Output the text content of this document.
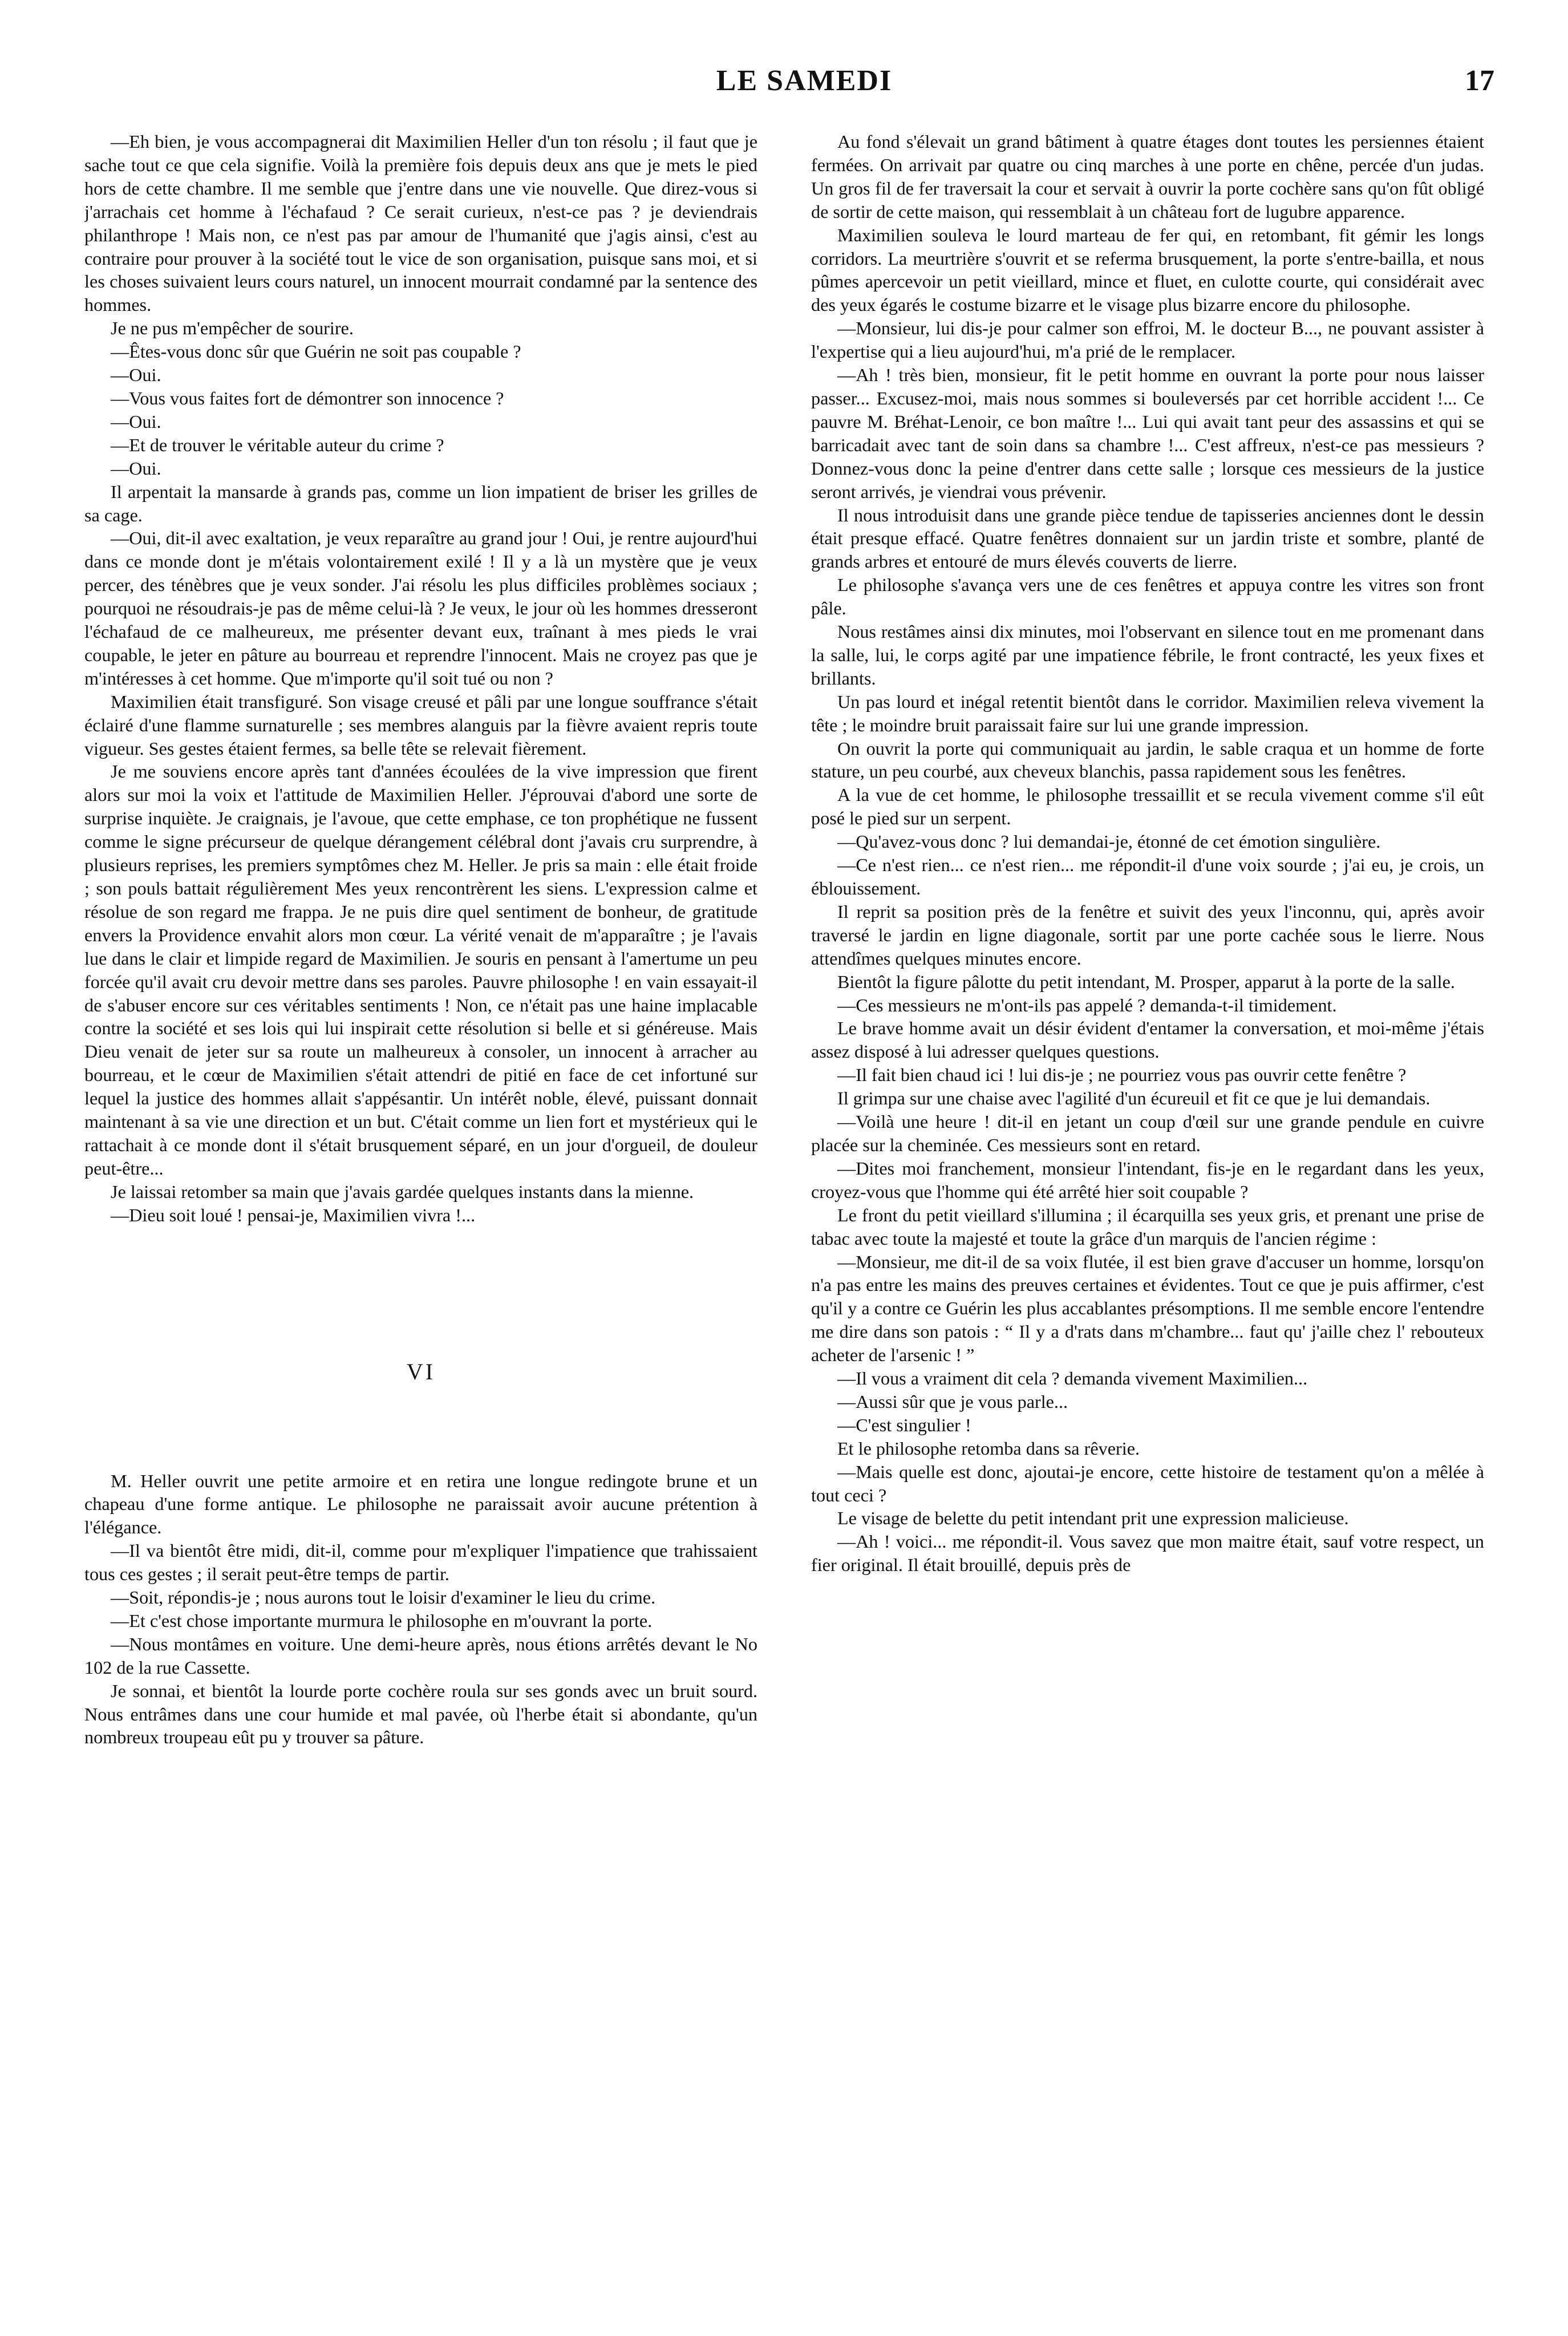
LE SAMEDI	17

—Eh bien, je vous accompagnerai dit Maximilien Heller d'un ton résolu ; il faut que je sache tout ce que cela signifie. Voilà la première fois depuis deux ans que je mets le pied hors de cette chambre. Il me semble que j'entre dans une vie nouvelle. Que direz-vous si j'arrachais cet homme à l'échafaud ? Ce serait curieux, n'est-ce pas ? je deviendrais philanthrope ! Mais non, ce n'est pas par amour de l'humanité que j'agis ainsi, c'est au contraire pour prouver à la société tout le vice de son organisation, puisque sans moi, et si les choses suivaient leurs cours naturel, un innocent mourrait condamné par la sentence des hommes.

Je ne pus m'empêcher de sourire.

—Êtes-vous donc sûr que Guérin ne soit pas coupable ?

—Oui.

—Vous vous faites fort de démontrer son innocence ?

—Oui.

—Et de trouver le véritable auteur du crime ?

—Oui.

Il arpentait la mansarde à grands pas, comme un lion impatient de briser les grilles de sa cage.

—Oui, dit-il avec exaltation, je veux reparaître au grand jour ! Oui, je rentre aujourd'hui dans ce monde dont je m'étais volontairement exilé ! Il y a là un mystère que je veux percer, des ténèbres que je veux sonder. J'ai résolu les plus difficiles problèmes sociaux ; pourquoi ne résoudrais-je pas de même celui-là ? Je veux, le jour où les hommes dresseront l'échafaud de ce malheureux, me présenter devant eux, traînant à mes pieds le vrai coupable, le jeter en pâture au bourreau et reprendre l'innocent. Mais ne croyez pas que je m'intéresses à cet homme. Que m'importe qu'il soit tué ou non ?

Maximilien était transfiguré. Son visage creusé et pâli par une longue souffrance s'était éclairé d'une flamme surnaturelle ; ses membres alanguis par la fièvre avaient repris toute vigueur. Ses gestes étaient fermes, sa belle tête se relevait fièrement.

Je me souviens encore après tant d'années écoulées de la vive impression que firent alors sur moi la voix et l'attitude de Maximilien Heller. J'éprouvai d'abord une sorte de surprise inquiète. Je craignais, je l'avoue, que cette emphase, ce ton prophétique ne fussent comme le signe précurseur de quelque dérangement célébral dont j'avais cru surprendre, à plusieurs reprises, les premiers symptômes chez M. Heller. Je pris sa main : elle était froide ; son pouls battait régulièrement Mes yeux rencontrèrent les siens. L'expression calme et résolue de son regard me frappa. Je ne puis dire quel sentiment de bonheur, de gratitude envers la Providence envahit alors mon cœur. La vérité venait de m'apparaître ; je l'avais lue dans le clair et limpide regard de Maximilien. Je souris en pensant à l'amertume un peu forcée qu'il avait cru devoir mettre dans ses paroles. Pauvre philosophe ! en vain essayait-il de s'abuser encore sur ces véritables sentiments ! Non, ce n'était pas une haine implacable contre la société et ses lois qui lui inspirait cette résolution si belle et si généreuse. Mais Dieu venait de jeter sur sa route un malheureux à consoler, un innocent à arracher au bourreau, et le cœur de Maximilien s'était attendri de pitié en face de cet infortuné sur lequel la justice des hommes allait s'appésantir. Un intérêt noble, élevé, puissant donnait maintenant à sa vie une direction et un but. C'était comme un lien fort et mystérieux qui le rattachait à ce monde dont il s'était brusquement séparé, en un jour d'orgueil, de douleur peut-être...

Je laissai retomber sa main que j'avais gardée quelques instants dans la mienne.

—Dieu soit loué ! pensai-je, Maximilien vivra !...

VI

M. Heller ouvrit une petite armoire et en retira une longue redingote brune et un chapeau d'une forme antique. Le philosophe ne paraissait avoir aucune prétention à l'élégance.

—Il va bientôt être midi, dit-il, comme pour m'expliquer l'impatience que trahissaient tous ces gestes ; il serait peut-être temps de partir.

—Soit, répondis-je ; nous aurons tout le loisir d'examiner le lieu du crime.

—Et c'est chose importante murmura le philosophe en m'ouvrant la porte.

—Nous montâmes en voiture. Une demi-heure après, nous étions arrêtés devant le No 102 de la rue Cassette.

Je sonnai, et bientôt la lourde porte cochère roula sur ses gonds avec un bruit sourd. Nous entrâmes dans une cour humide et mal pavée, où l'herbe était si abondante, qu'un nombreux troupeau eût pu y trouver sa pâture.

Au fond s'élevait un grand bâtiment à quatre étages dont toutes les persiennes étaient fermées. On arrivait par quatre ou cinq marches à une porte en chêne, percée d'un judas. Un gros fil de fer traversait la cour et servait à ouvrir la porte cochère sans qu'on fût obligé de sortir de cette maison, qui ressemblait à un château fort de lugubre apparence.

Maximilien souleva le lourd marteau de fer qui, en retombant, fit gémir les longs corridors. La meurtrière s'ouvrit et se referma brusquement, la porte s'entre-bailla, et nous pûmes apercevoir un petit vieillard, mince et fluet, en culotte courte, qui considérait avec des yeux égarés le costume bizarre et le visage plus bizarre encore du philosophe.

—Monsieur, lui dis-je pour calmer son effroi, M. le docteur B..., ne pouvant assister à l'expertise qui a lieu aujourd'hui, m'a prié de le remplacer.

—Ah ! très bien, monsieur, fit le petit homme en ouvrant la porte pour nous laisser passer... Excusez-moi, mais nous sommes si bouleversés par cet horrible accident !... Ce pauvre M. Bréhat-Lenoir, ce bon maître !... Lui qui avait tant peur des assassins et qui se barricadait avec tant de soin dans sa chambre !... C'est affreux, n'est-ce pas messieurs ? Donnez-vous donc la peine d'entrer dans cette salle ; lorsque ces messieurs de la justice seront arrivés, je viendrai vous prévenir.

Il nous introduisit dans une grande pièce tendue de tapisseries anciennes dont le dessin était presque effacé. Quatre fenêtres donnaient sur un jardin triste et sombre, planté de grands arbres et entouré de murs élevés couverts de lierre.

Le philosophe s'avança vers une de ces fenêtres et appuya contre les vitres son front pâle.

Nous restâmes ainsi dix minutes, moi l'observant en silence tout en me promenant dans la salle, lui, le corps agité par une impatience fébrile, le front contracté, les yeux fixes et brillants.

Un pas lourd et inégal retentit bientôt dans le corridor. Maximilien releva vivement la tête ; le moindre bruit paraissait faire sur lui une grande impression.

On ouvrit la porte qui communiquait au jardin, le sable craqua et un homme de forte stature, un peu courbé, aux cheveux blanchis, passa rapidement sous les fenêtres.

A la vue de cet homme, le philosophe tressaillit et se recula vivement comme s'il eût posé le pied sur un serpent.

—Qu'avez-vous donc ? lui demandai-je, étonné de cet émotion singulière.

—Ce n'est rien... ce n'est rien... me répondit-il d'une voix sourde ; j'ai eu, je crois, un éblouissement.

Il reprit sa position près de la fenêtre et suivit des yeux l'inconnu, qui, après avoir traversé le jardin en ligne diagonale, sortit par une porte cachée sous le lierre. Nous attendîmes quelques minutes encore.

Bientôt la figure pâlotte du petit intendant, M. Prosper, apparut à la porte de la salle.

—Ces messieurs ne m'ont-ils pas appelé ? demanda-t-il timidement.

Le brave homme avait un désir évident d'entamer la conversation, et moi-même j'étais assez disposé à lui adresser quelques questions.

—Il fait bien chaud ici ! lui dis-je ; ne pourriez vous pas ouvrir cette fenêtre ?

Il grimpa sur une chaise avec l'agilité d'un écureuil et fit ce que je lui demandais.

—Voilà une heure ! dit-il en jetant un coup d'œil sur une grande pendule en cuivre placée sur la cheminée. Ces messieurs sont en retard.

—Dites moi franchement, monsieur l'intendant, fis-je en le regardant dans les yeux, croyez-vous que l'homme qui été arrêté hier soit coupable ?

Le front du petit vieillard s'illumina ; il écarquilla ses yeux gris, et prenant une prise de tabac avec toute la majesté et toute la grâce d'un marquis de l'ancien régime :

—Monsieur, me dit-il de sa voix flutée, il est bien grave d'accuser un homme, lorsqu'on n'a pas entre les mains des preuves certaines et évidentes. Tout ce que je puis affirmer, c'est qu'il y a contre ce Guérin les plus accablantes présomptions. Il me semble encore l'entendre me dire dans son patois : “ Il y a d'rats dans m'chambre... faut qu' j'aille chez l' rebouteux acheter de l'arsenic ! ”

—Il vous a vraiment dit cela ? demanda vivement Maximilien...

—Aussi sûr que je vous parle...

—C'est singulier !

Et le philosophe retomba dans sa rêverie.

—Mais quelle est donc, ajoutai-je encore, cette histoire de testament qu'on a mêlée à tout ceci ?

Le visage de belette du petit intendant prit une expression malicieuse.

—Ah ! voici... me répondit-il. Vous savez que mon maitre était, sauf votre respect, un fier original. Il était brouillé, depuis près de
